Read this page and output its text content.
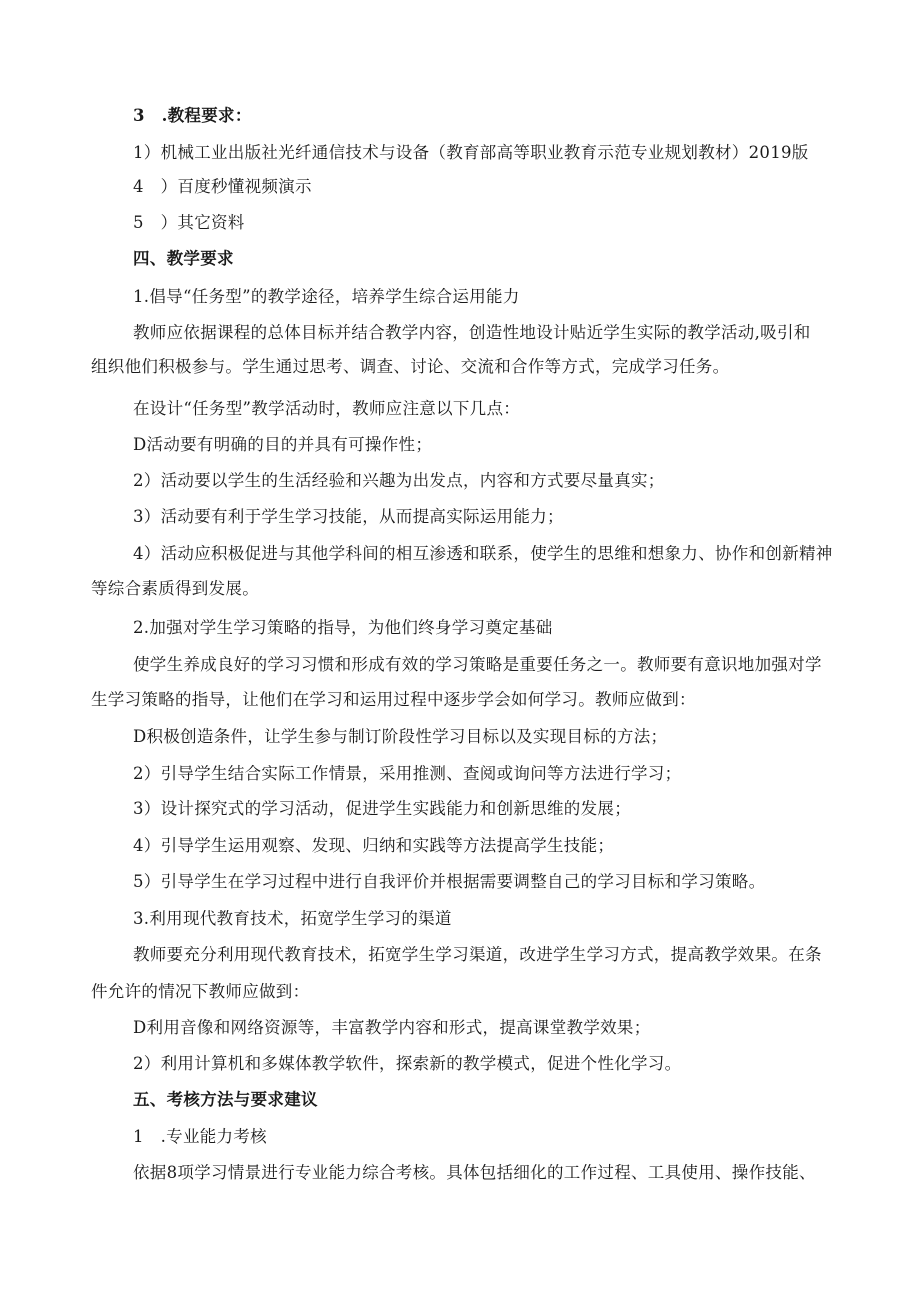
3　.教程要求：
1）机械工业出版社光纤通信技术与设备（教育部高等职业教育示范专业规划教材）2019版
4　）百度秒懂视频演示
5　）其它资料
四、教学要求
1.倡导“任务型”的教学途径，培养学生综合运用能力
教师应依据课程的总体目标并结合教学内容，创造性地设计贴近学生实际的教学活动,吸引和
组织他们积极参与。学生通过思考、调查、讨论、交流和合作等方式，完成学习任务。
在设计“任务型”教学活动时，教师应注意以下几点：
D活动要有明确的目的并具有可操作性；
2）活动要以学生的生活经验和兴趣为出发点，内容和方式要尽量真实；
3）活动要有利于学生学习技能，从而提高实际运用能力；
4）活动应积极促进与其他学科间的相互渗透和联系，使学生的思维和想象力、协作和创新精神
等综合素质得到发展。
2.加强对学生学习策略的指导，为他们终身学习奠定基础
使学生养成良好的学习习惯和形成有效的学习策略是重要任务之一。教师要有意识地加强对学
生学习策略的指导，让他们在学习和运用过程中逐步学会如何学习。教师应做到：
D积极创造条件，让学生参与制订阶段性学习目标以及实现目标的方法；
2）引导学生结合实际工作情景，采用推测、查阅或询问等方法进行学习；
3）设计探究式的学习活动，促进学生实践能力和创新思维的发展；
4）引导学生运用观察、发现、归纳和实践等方法提高学生技能；
5）引导学生在学习过程中进行自我评价并根据需要调整自己的学习目标和学习策略。
3.利用现代教育技术，拓宽学生学习的渠道
教师要充分利用现代教育技术，拓宽学生学习渠道，改进学生学习方式，提高教学效果。在条
件允许的情况下教师应做到：
D利用音像和网络资源等，丰富教学内容和形式，提高课堂教学效果；
2）利用计算机和多媒体教学软件，探索新的教学模式，促进个性化学习。
五、考核方法与要求建议
1　.专业能力考核
依据8项学习情景进行专业能力综合考核。具体包括细化的工作过程、工具使用、操作技能、
